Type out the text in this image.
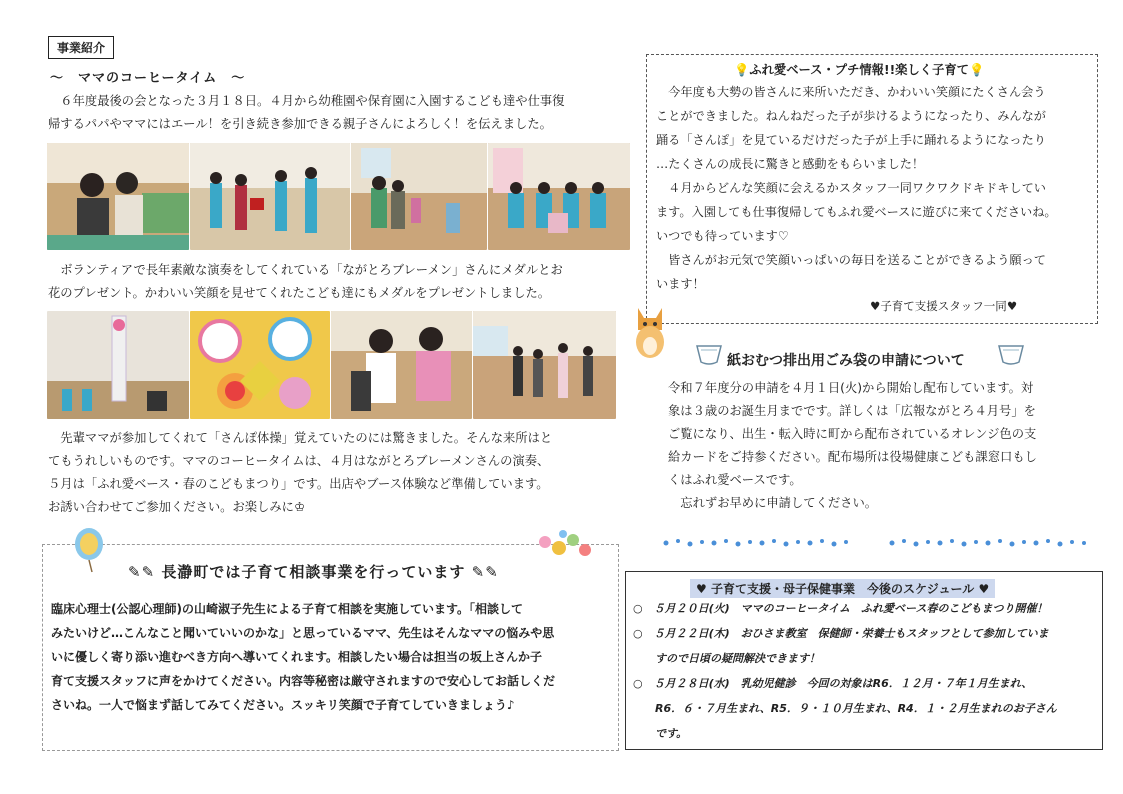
事業紹介
～　ママのコーヒータイム　～

　６年度最後の会となった３月１８日。４月から幼稚園や保育園に入園するこども達や仕事復

帰するパパやママにはエール！を引き続き参加できる親子さんによろしく！を伝えました。

　ボランティアで長年素敵な演奏をしてくれている「ながとろブレーメン」さんにメダルとお

花のプレゼント。かわいい笑顔を見せてくれたこども達にもメダルをプレゼントしました。

　先輩ママが参加してくれて「さんぽ体操」覚えていたのには驚きました。そんな来所はと

てもうれしいものです。ママのコーヒータイムは、４月はながとろブレーメンさんの演奏、

５月は「ふれ愛ベース・春のこどもまつり」です。出店やブース体験など準備しています。

お誘い合わせてご参加ください。お楽しみに♔

✎✎ 長瀞町では子育て相談事業を行っています ✎✎
臨床心理士(公認心理師)の山崎淑子先生による子育て相談を実施しています。「相談して
みたいけど…こんなこと聞いていいのかな」と思っているママ、先生はそんなママの悩みや思
いに優しく寄り添い進むべき方向へ導いてくれます。相談したい場合は担当の坂上さんか子
育て支援スタッフに声をかけてください。内容等秘密は厳守されますので安心してお話しくだ
さいね。一人で悩まず話してみてください。スッキリ笑顔で子育てしていきましょう♪
💡ふれ愛ベース・プチ情報!!楽しく子育て💡

　今年度も大勢の皆さんに来所いただき、かわいい笑顔にたくさん会う

ことができました。ねんねだった子が歩けるようになったり、みんなが

踊る「さんぽ」を見ているだけだった子が上手に踊れるようになったり

…たくさんの成長に驚きと感動をもらいました！

　４月からどんな笑顔に会えるかスタッフ一同ワクワクドキドキしてい

ます。入園しても仕事復帰してもふれ愛ベースに遊びに来てくださいね。

いつでも待っています♡

　皆さんがお元気で笑顔いっぱいの毎日を送ることができるよう願って

います！

♥子育て支援スタッフ一同♥
紙おむつ排出用ごみ袋の申請について

令和７年度分の申請を４月１日(火)から開始し配布しています。対

象は３歳のお誕生月までです。詳しくは「広報ながとろ４月号」を

ご覧になり、出生・転入時に町から配布されているオレンジ色の支

給カードをご持参ください。配布場所は役場健康こども課窓口もし

くはふれ愛ベースです。

　忘れずお早めに申請してください。

♥ 子育て支援・母子保健事業　今後のスケジュール ♥
○　５月２０日(火)　ママのコーヒータイム　ふれ愛ベース春のこどもまつり開催！
○　５月２２日(木)　おひさま教室　保健師・栄養士もスタッフとして参加していま
　　すので日頃の疑問解決できます！
○　５月２８日(水)　乳幼児健診　今回の対象はR6．１２月・７年１月生まれ、
　　R6．６・７月生まれ、R5．９・１０月生まれ、R4．１・２月生まれのお子さん
　　です。
